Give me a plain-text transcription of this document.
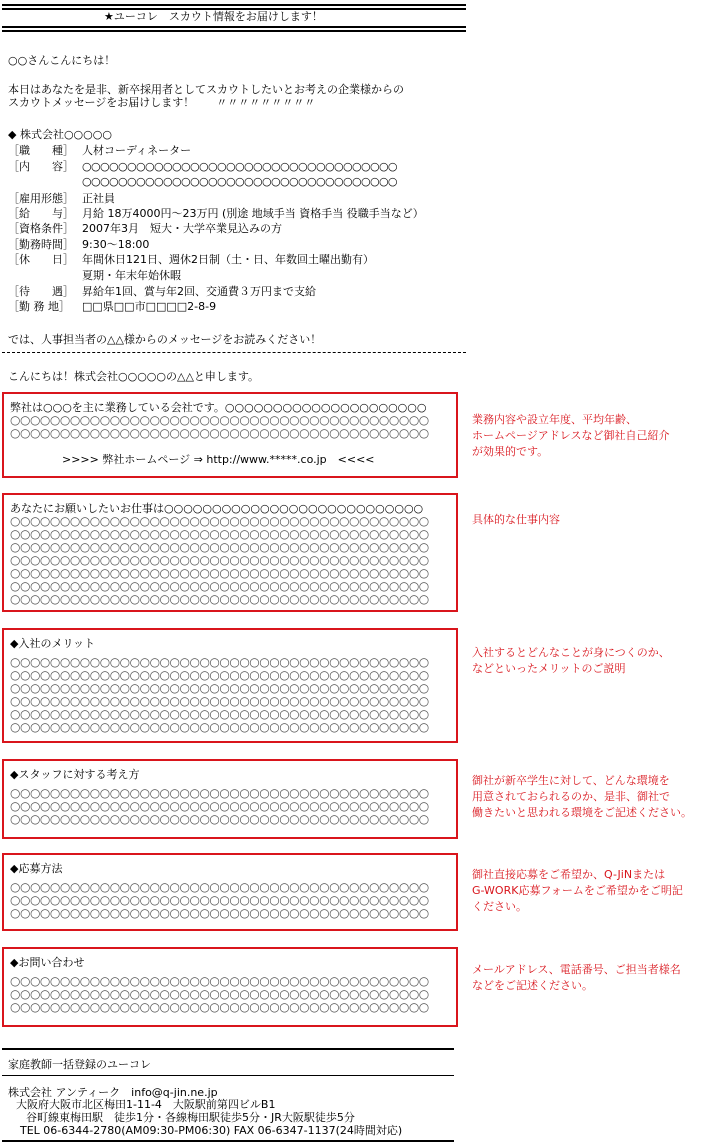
★ユーコレ　スカウト情報をお届けします！
○○さんこんにちは！
本日はあなたを是非、新卒採用者としてスカウトしたいとお考えの企業様からの
スカウトメッセージをお届けします！　　〃〃〃〃〃〃〃〃〃
◆ 株式会社○○○○○
［職　　種］ 人材コーディネーター
［内　　容］ ○○○○○○○○○○○○○○○○○○○○○○○○○○○○○○○○○○○
○○○○○○○○○○○○○○○○○○○○○○○○○○○○○○○○○○○
［雇用形態］ 正社員
［給　　与］ 月給 18万4000円～23万円 (別途 地域手当 資格手当 役職手当など）
［資格条件］ 2007年3月　短大・大学卒業見込みの方
［勤務時間］ 9:30～18:00
［休　　日］ 年間休日121日、週休2日制（土・日、年数回土曜出勤有）
夏期・年末年始休暇
［待　　遇］ 昇給年1回、賞与年2回、交通費３万円まで支給
［勤 務 地］ □□県□□市□□□□2-8-9
では、人事担当者の△△様からのメッセージをお読みください！
こんにちは！株式会社○○○○○の△△と申します。
弊社は○○○を主に業務している会社です。○○○○○○○○○○○○○○○○○○○○○
○○○○○○○○○○○○○○○○○○○○○○○○○○○○○○○○○○○○○○○○○○
○○○○○○○○○○○○○○○○○○○○○○○○○○○○○○○○○○○○○○○○○○
>>>> 弊社ホームページ ⇒ http://www.*****.co.jp　<<<<
業務内容や設立年度、平均年齢、
ホームページアドレスなど御社自己紹介
が効果的です。
あなたにお願いしたいお仕事は○○○○○○○○○○○○○○○○○○○○○○○○○○○
○○○○○○○○○○○○○○○○○○○○○○○○○○○○○○○○○○○○○○○○○○
○○○○○○○○○○○○○○○○○○○○○○○○○○○○○○○○○○○○○○○○○○
○○○○○○○○○○○○○○○○○○○○○○○○○○○○○○○○○○○○○○○○○○
○○○○○○○○○○○○○○○○○○○○○○○○○○○○○○○○○○○○○○○○○○
○○○○○○○○○○○○○○○○○○○○○○○○○○○○○○○○○○○○○○○○○○
○○○○○○○○○○○○○○○○○○○○○○○○○○○○○○○○○○○○○○○○○○
○○○○○○○○○○○○○○○○○○○○○○○○○○○○○○○○○○○○○○○○○○
具体的な仕事内容
◆入社のメリット
○○○○○○○○○○○○○○○○○○○○○○○○○○○○○○○○○○○○○○○○○○
○○○○○○○○○○○○○○○○○○○○○○○○○○○○○○○○○○○○○○○○○○
○○○○○○○○○○○○○○○○○○○○○○○○○○○○○○○○○○○○○○○○○○
○○○○○○○○○○○○○○○○○○○○○○○○○○○○○○○○○○○○○○○○○○
○○○○○○○○○○○○○○○○○○○○○○○○○○○○○○○○○○○○○○○○○○
○○○○○○○○○○○○○○○○○○○○○○○○○○○○○○○○○○○○○○○○○○
入社するとどんなことが身につくのか、
などといったメリットのご説明
◆スタッフに対する考え方
○○○○○○○○○○○○○○○○○○○○○○○○○○○○○○○○○○○○○○○○○○
○○○○○○○○○○○○○○○○○○○○○○○○○○○○○○○○○○○○○○○○○○
○○○○○○○○○○○○○○○○○○○○○○○○○○○○○○○○○○○○○○○○○○
御社が新卒学生に対して、どんな環境を
用意されておられるのか、是非、御社で
働きたいと思われる環境をご記述ください。
◆応募方法
○○○○○○○○○○○○○○○○○○○○○○○○○○○○○○○○○○○○○○○○○○
○○○○○○○○○○○○○○○○○○○○○○○○○○○○○○○○○○○○○○○○○○
○○○○○○○○○○○○○○○○○○○○○○○○○○○○○○○○○○○○○○○○○○
御社直接応募をご希望か、Q-JiNまたは
G-WORK応募フォームをご希望かをご明記
ください。
◆お問い合わせ
○○○○○○○○○○○○○○○○○○○○○○○○○○○○○○○○○○○○○○○○○○
○○○○○○○○○○○○○○○○○○○○○○○○○○○○○○○○○○○○○○○○○○
○○○○○○○○○○○○○○○○○○○○○○○○○○○○○○○○○○○○○○○○○○
メールアドレス、電話番号、ご担当者様名
などをご記述ください。
家庭教師一括登録のユーコレ
株式会社 アンティーク　info@q-jin.ne.jp
大阪府大阪市北区梅田1-11-4　大阪駅前第四ビルB1
谷町線東梅田駅　徒歩1分・各線梅田駅徒歩5分・JR大阪駅徒歩5分
TEL 06-6344-2780(AM09:30-PM06:30) FAX 06-6347-1137(24時間対応)
